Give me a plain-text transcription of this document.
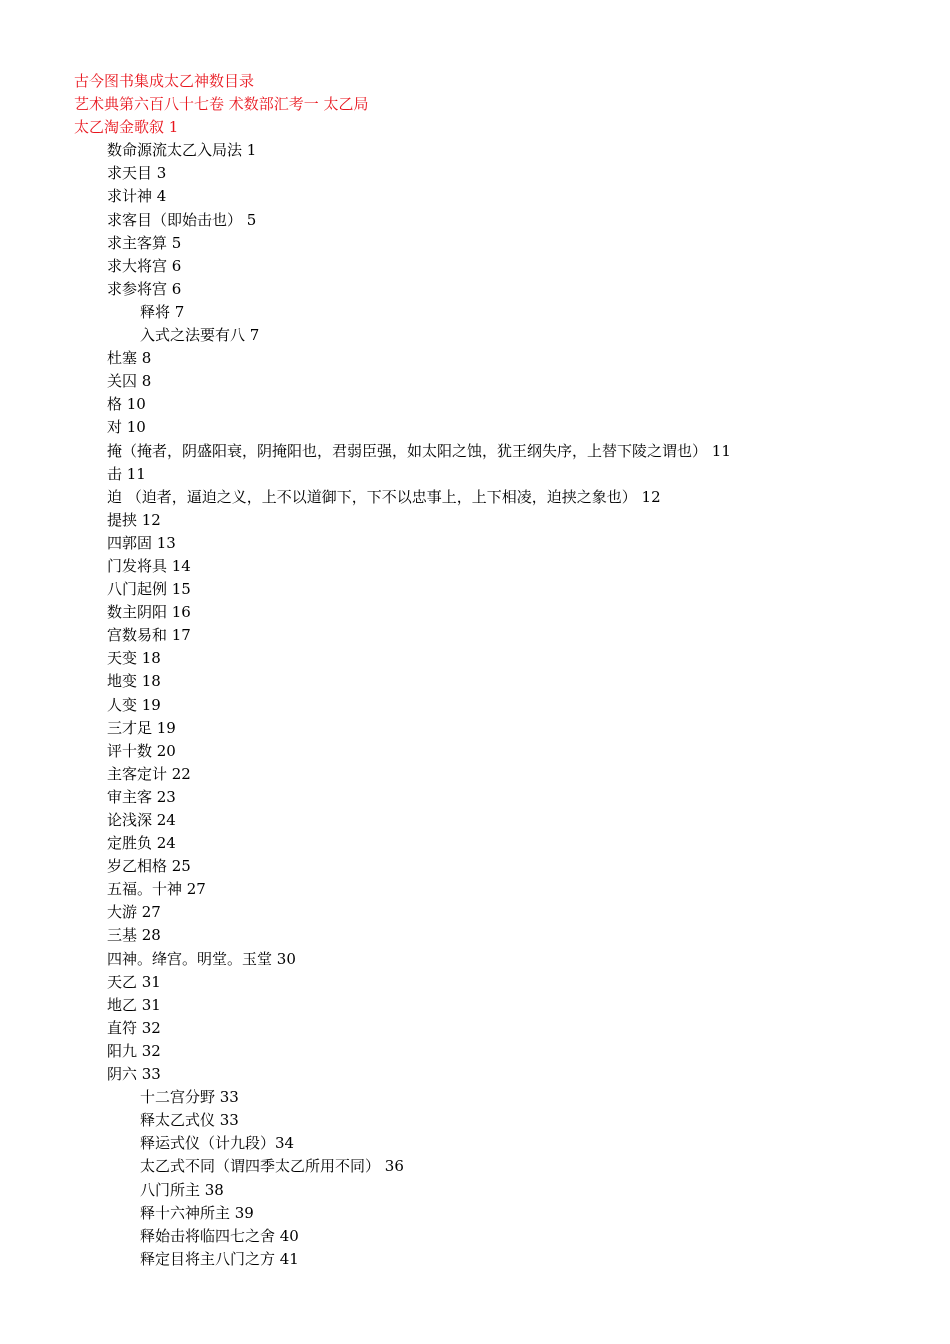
古今图书集成太乙神数目录
艺术典第六百八十七卷 术数部汇考一 太乙局
太乙淘金歌叙 1
数命源流太乙入局法 1
求天目 3
求计神 4
求客目（即始击也） 5
求主客算 5
求大将宫 6
求参将宫 6
释将 7
入式之法要有八 7
杜塞 8
关囚 8
格 10
对 10
掩（掩者，阴盛阳衰，阴掩阳也，君弱臣强，如太阳之蚀，犹王纲失序，上替下陵之谓也） 11
击 11
迫 （迫者，逼迫之义，上不以道御下，下不以忠事上，上下相凌，迫挟之象也） 12
提挟 12
四郭固 13
门发将具 14
八门起例 15
数主阴阳 16
宫数易和 17
天变 18
地变 18
人变 19
三才足 19
评十数 20
主客定计 22
审主客 23
论浅深 24
定胜负 24
岁乙相格 25
五福。十神 27
大游 27
三基 28
四神。绛宫。明堂。玉堂 30
天乙 31
地乙 31
直符 32
阳九 32
阴六 33
十二宫分野 33
释太乙式仪 33
释运式仪（计九段）34
太乙式不同（谓四季太乙所用不同） 36
八门所主 38
释十六神所主 39
释始击将临四七之舍 40
释定目将主八门之方 41
